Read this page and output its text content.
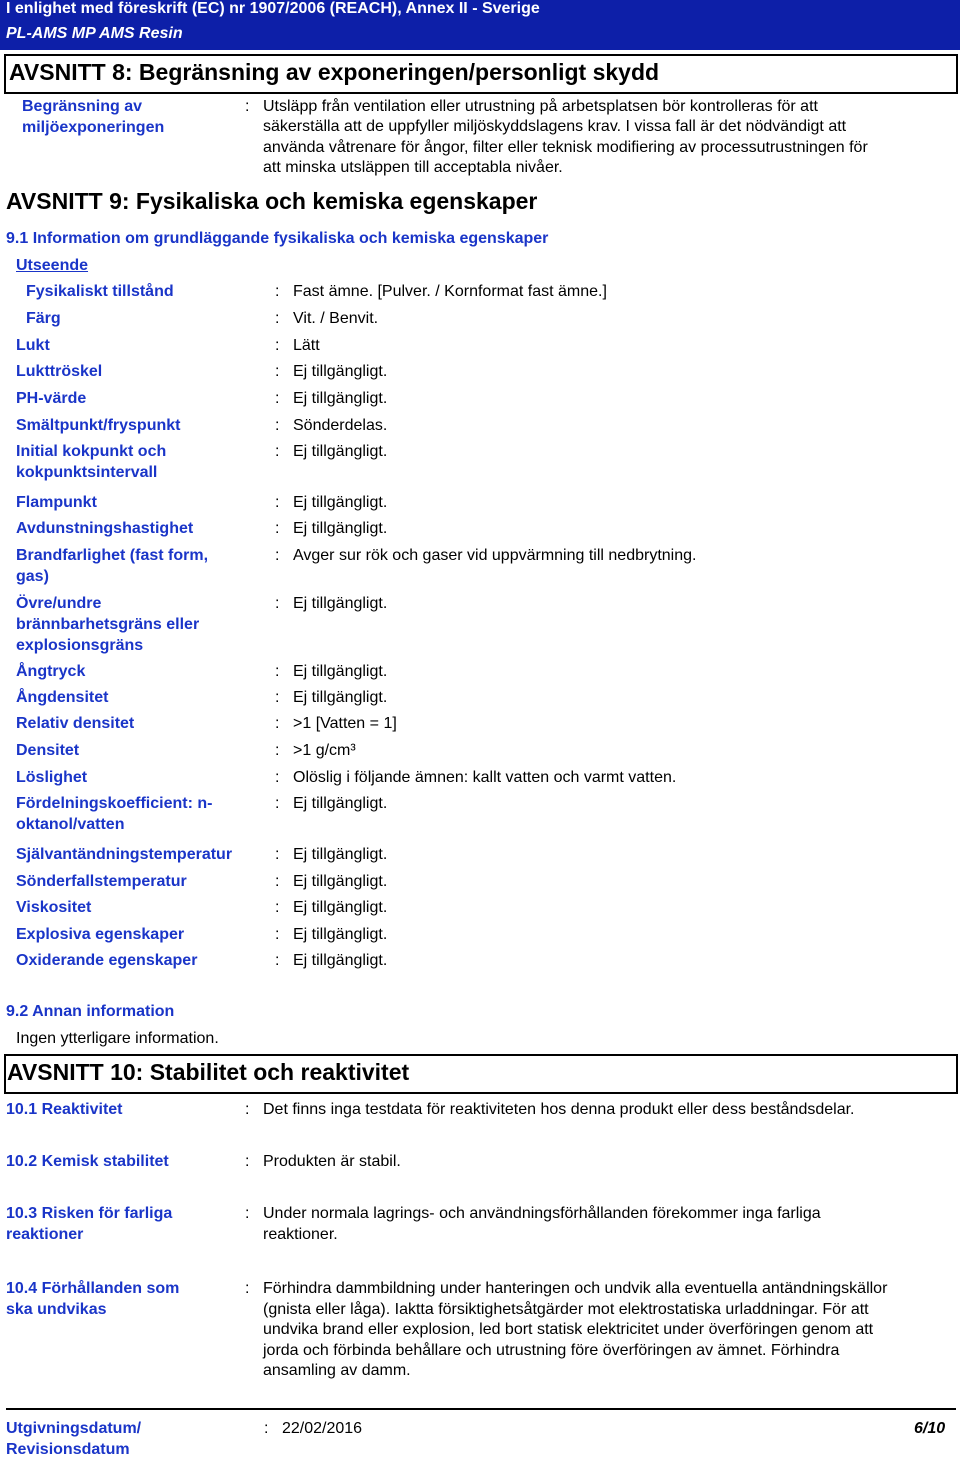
I enlighet med föreskrift (EC) nr 1907/2006 (REACH), Annex II - Sverige
PL-AMS MP AMS Resin
AVSNITT 8: Begränsning av exponeringen/personligt skydd
Begränsning av
miljöexponeringen
: Utsläpp från ventilation eller utrustning på arbetsplatsen bör kontrolleras för att
säkerställa att de uppfyller miljöskyddslagens krav. I vissa fall är det nödvändigt att
använda våtrenare för ångor, filter eller teknisk modifiering av processutrustningen för
att minska utsläppen till acceptabla nivåer.
AVSNITT 9: Fysikaliska och kemiska egenskaper
9.1 Information om grundläggande fysikaliska och kemiska egenskaper
Utseende
Fysikaliskt tillstånd	: Fast ämne. [Pulver. / Kornformat fast ämne.]
Färg	: Vit. / Benvit.
Lukt	: Lätt
Lukttröskel	: Ej tillgängligt.
PH-värde	: Ej tillgängligt.
Smältpunkt/fryspunkt	: Sönderdelas.
Initial kokpunkt och
kokpunktsintervall
: Ej tillgängligt.
Flampunkt	: Ej tillgängligt.
Avdunstningshastighet	: Ej tillgängligt.
Brandfarlighet (fast form,
gas)
: Avger sur rök och gaser vid uppvärmning till nedbrytning.
Övre/undre
brännbarhetsgräns eller
explosionsgräns
: Ej tillgängligt.
Ångtryck	: Ej tillgängligt.
Ångdensitet	: Ej tillgängligt.
Relativ densitet	: >1 [Vatten = 1]
Densitet	: >1 g/cm³
Löslighet	: Olöslig i följande ämnen: kallt vatten och varmt vatten.
Fördelningskoefficient: n-
oktanol/vatten
: Ej tillgängligt.
Självantändningstemperatur	: Ej tillgängligt.
Sönderfallstemperatur	: Ej tillgängligt.
Viskositet	: Ej tillgängligt.
Explosiva egenskaper	: Ej tillgängligt.
Oxiderande egenskaper	: Ej tillgängligt.
9.2 Annan information
Ingen ytterligare information.
AVSNITT 10: Stabilitet och reaktivitet
10.1 Reaktivitet	: Det finns inga testdata för reaktiviteten hos denna produkt eller dess beståndsdelar.
10.2 Kemisk stabilitet	: Produkten är stabil.
10.3 Risken för farliga
reaktioner
: Under normala lagrings- och användningsförhållanden förekommer inga farliga
reaktioner.
10.4 Förhållanden som
ska undvikas
: Förhindra dammbildning under hanteringen och undvik alla eventuella antändningskällor
(gnista eller låga). Iaktta försiktighetsåtgärder mot elektrostatiska urladdningar. För att
undvika brand eller explosion, led bort statisk elektricitet under överföringen genom att
jorda och förbinda behållare och utrustning före överföringen av ämnet. Förhindra
ansamling av damm.
Utgivningsdatum/
Revisionsdatum
: 22/02/2016	6/10
